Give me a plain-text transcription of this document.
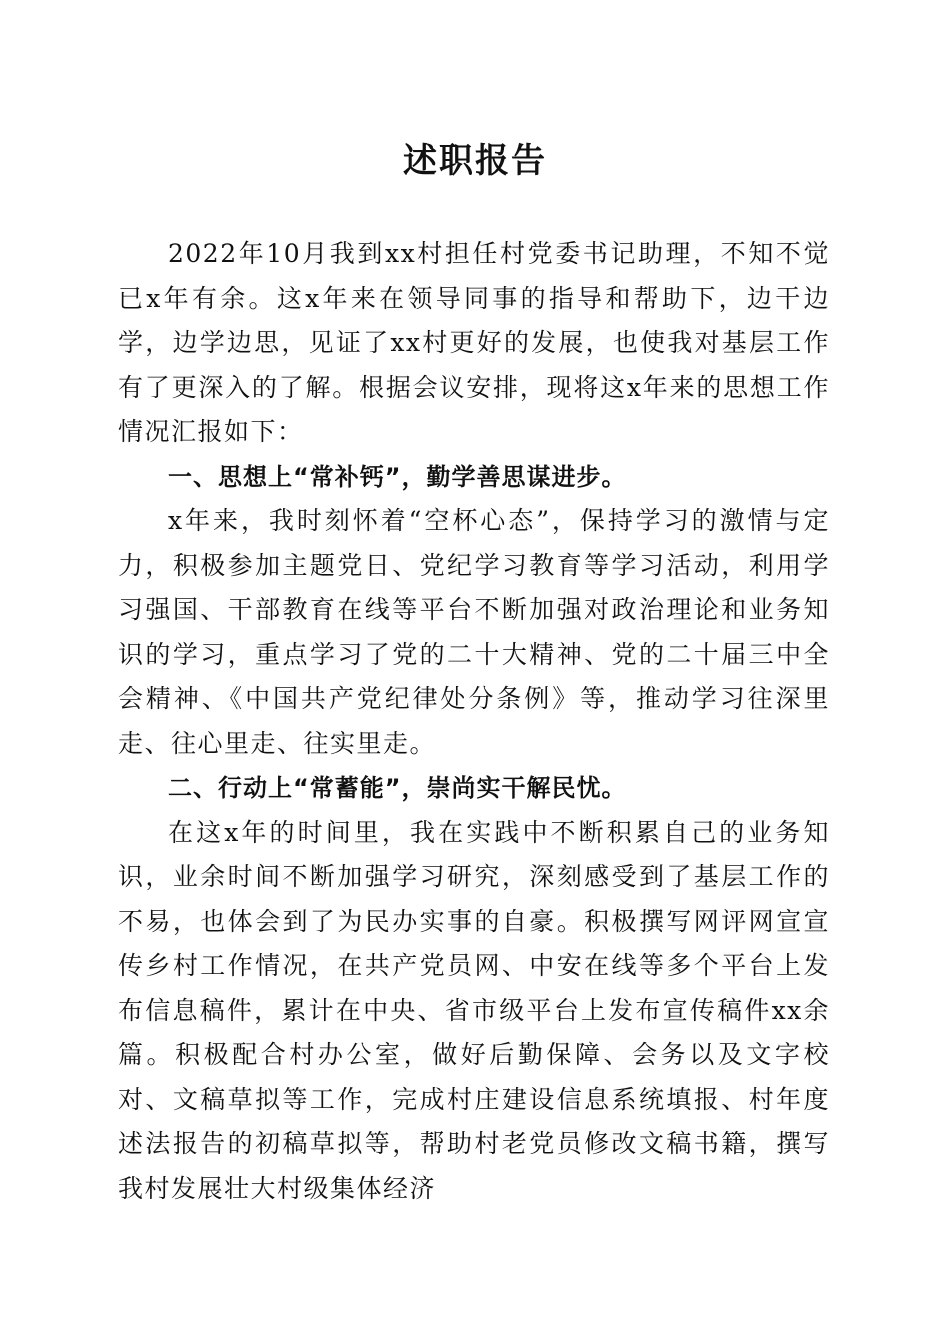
述职报告

2022年10月我到xx村担任村党委书记助理，不知不觉已x年有余。这x年来在领导同事的指导和帮助下，边干边学，边学边思，见证了xx村更好的发展，也使我对基层工作有了更深入的了解。根据会议安排，现将这x年来的思想工作情况汇报如下：

一、思想上“常补钙”，勤学善思谋进步。

x年来，我时刻怀着“空杯心态”，保持学习的激情与定力，积极参加主题党日、党纪学习教育等学习活动，利用学习强国、干部教育在线等平台不断加强对政治理论和业务知识的学习，重点学习了党的二十大精神、党的二十届三中全会精神、《中国共产党纪律处分条例》等，推动学习往深里走、往心里走、往实里走。

二、行动上“常蓄能”，崇尚实干解民忧。

在这x年的时间里，我在实践中不断积累自己的业务知识，业余时间不断加强学习研究，深刻感受到了基层工作的不易，也体会到了为民办实事的自豪。积极撰写网评网宣宣传乡村工作情况，在共产党员网、中安在线等多个平台上发布信息稿件，累计在中央、省市级平台上发布宣传稿件xx余篇。积极配合村办公室，做好后勤保障、会务以及文字校对、文稿草拟等工作，完成村庄建设信息系统填报、村年度述法报告的初稿草拟等，帮助村老党员修改文稿书籍，撰写我村发展壮大村级集体经济
